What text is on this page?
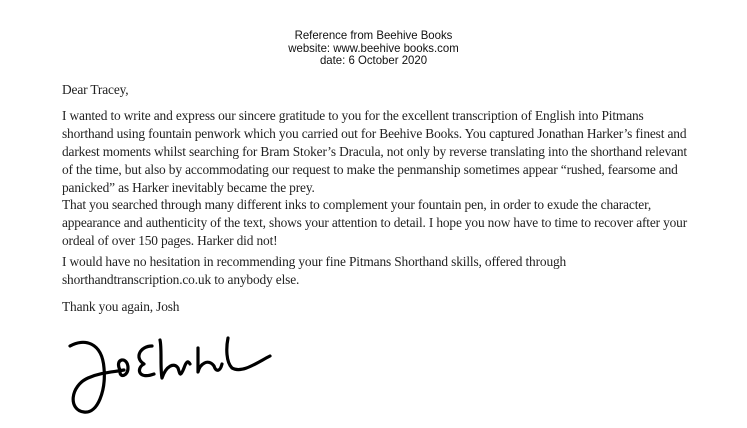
Reference from Beehive Books
website: www.beehive books.com
date: 6 October 2020
Dear Tracey,
I wanted to write and express our sincere gratitude to you for the excellent transcription of English into Pitmans
shorthand using fountain penwork which you carried out for Beehive Books. You captured Jonathan Harker’s finest and
darkest moments whilst searching for Bram Stoker’s Dracula, not only by reverse translating into the shorthand relevant
of the time, but also by accommodating our request to make the penmanship sometimes appear “rushed, fearsome and
panicked” as Harker inevitably became the prey.
That you searched through many different inks to complement your fountain pen, in order to exude the character,
appearance and authenticity of the text, shows your attention to detail. I hope you now have to time to recover after your
ordeal of over 150 pages. Harker did not!
I would have no hesitation in recommending your fine Pitmans Shorthand skills, offered through
shorthandtranscription.co.uk to anybody else.
Thank you again, Josh
